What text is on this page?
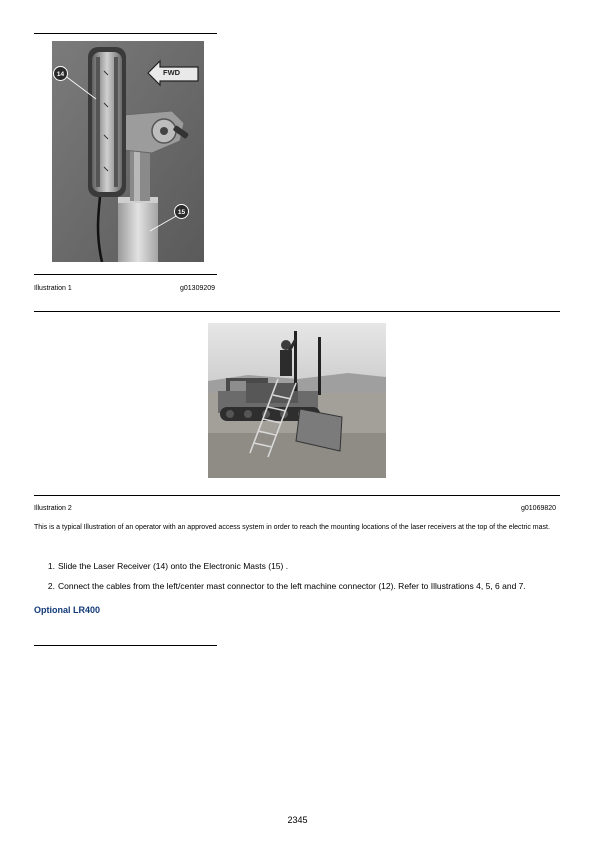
FWD
14
15
Illustration 1	g01309209
Illustration 2	g01069820
This is a typical Illustration of an operator with an approved access system in order to reach the mounting locations of the laser receivers at the top of the electric mast.
1. Slide the Laser Receiver (14) onto the Electronic Masts (15) .
2. Connect the cables from the left/center mast connector to the left machine connector (12). Refer to Illustrations 4, 5, 6 and 7.
Optional LR400
2345
